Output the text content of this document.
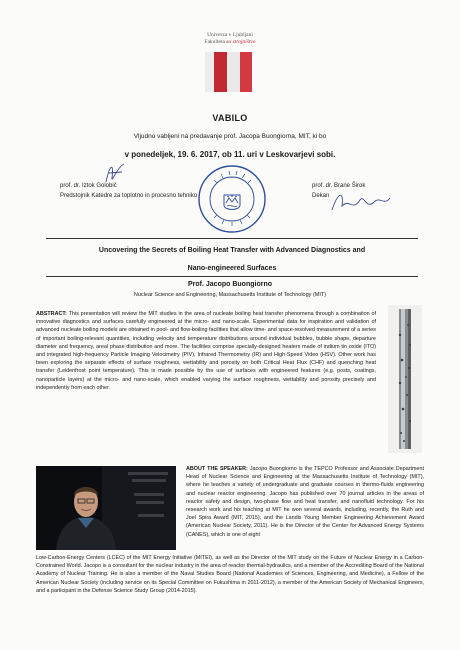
Univerza v Ljubljani
Fakulteta za strojništvo
VABILO
Vljudno vabljeni na predavanje prof. Jacopa Buongiorna, MIT, ki bo
v ponedeljek, 19. 6. 2017, ob 11. uri v Leskovarjevi sobi.
prof. dr. Iztok Golobič
Predstojnik Katedre za toplotno in procesno tehniko
prof. dr. Brane Širok
Dekan
Uncovering the Secrets of Boiling Heat Transfer with Advanced Diagnostics and
Nano-engineered Surfaces
Prof. Jacopo Buongiorno
Nuclear Science and Engineering, Massachusetts Institute of Technology (MIT)
ABSTRACT: This presentation will review the MIT studies in the area of nucleate boiling heat transfer phenomena through a combination of innovative diagnostics and surfaces carefully engineered at the micro- and nano-scale. Experimental data for inspiration and validation of advanced nucleate boiling models are obtained in pool- and flow-boiling facilities that allow time- and space-resolved measurement of a series of important boiling-relevant quantities, including velocity and temperature distributions around individual bubbles, bubble shape, departure diameter and frequency, areal phase distribution and more. The facilities comprise specially-designed heaters made of indium tin oxide (ITO) and integrated high-frequency Particle Imaging Velocimetry (PIV), Infrared Thermometry (IR) and High-Speed Video (HSV). Other work has been exploring the separate effects of surface roughness, wettability and porosity on both Critical Heat Flux (CHF) and quenching heat transfer (Leidenfrost point temperature). This is made possible by the use of surfaces with engineered features (e.g. posts, coatings, nanoparticle layers) at the micro- and nano-scale, which enabled varying the surface roughness, wettability and porosity precisely and independently from each other.
ABOUT THE SPEAKER: Jacopo Buongiorno is the TEPCO Professor and Associate Department Head of Nuclear Science and Engineering at the Massachusetts Institute of Technology (MIT), where he teaches a variety of undergraduate and graduate courses in thermo-fluids engineering and nuclear reactor engineering. Jacopo has published over 70 journal articles in the areas of reactor safety and design, two-phase flow and heat transfer, and nanofluid technology. For his research work and his teaching at MIT he won several awards, including, recently, the Ruth and Joel Spira Award (MIT, 2015), and the Landis Young Member Engineering Achievement Award (American Nuclear Society, 2011). He is the Director of the Center for Advanced Energy Systems (CANES), which is one of eight
Low-Carbon-Energy Centers (LCEC) of the MIT Energy Initiative (MITEI), as well as the Director of the MIT study on the Future of Nuclear Energy in a Carbon-Constrained World. Jacopo is a consultant for the nuclear industry in the area of reactor thermal-hydraulics, and a member of the Accrediting Board of the National Academy of Nuclear Training. He is also a member of the Naval Studies Board (National Academies of Sciences, Engineering, and Medicine), a Fellow of the American Nuclear Society (including service on its Special Committee on Fukushima in 2011-2012), a member of the American Society of Mechanical Engineers, and a participant in the Defense Science Study Group (2014-2015).
